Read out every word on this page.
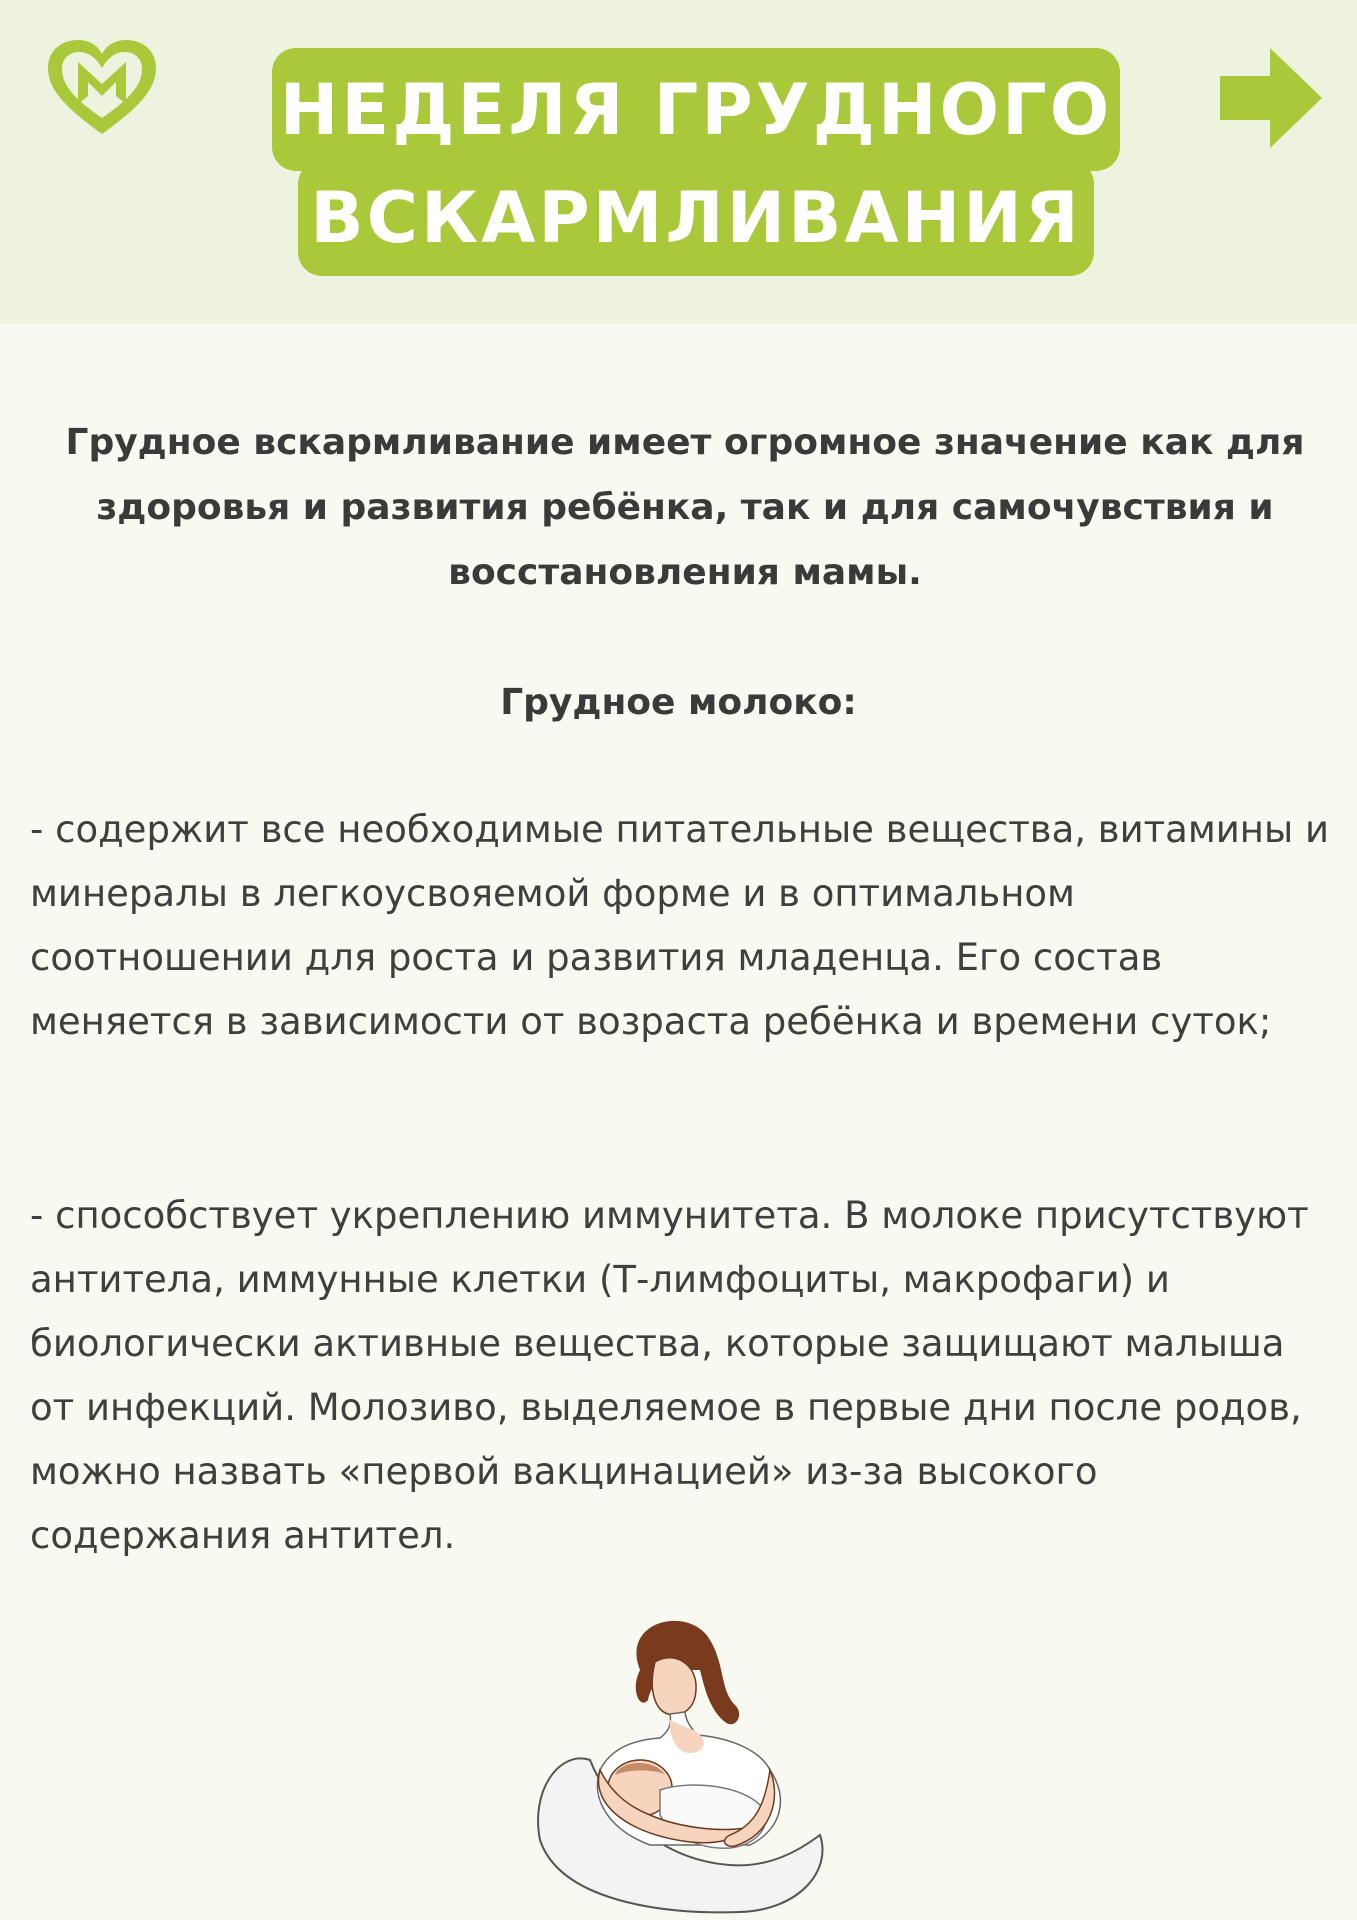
НЕДЕЛЯ ГРУДНОГО
ВСКАРМЛИВАНИЯ
Грудное вскармливание имеет огромное значение как для здоровья и развития ребёнка, так и для самочувствия и восстановления мамы.
Грудное молоко:
- содержит все необходимые питательные вещества, витамины и минералы в легкоусвояемой форме и в оптимальном соотношении для роста и развития младенца. Его состав меняется в зависимости от возраста ребёнка и времени суток;
- способствует укреплению иммунитета. В молоке присутствуют антитела, иммунные клетки (Т-лимфоциты, макрофаги) и биологически активные вещества, которые защищают малыша от инфекций. Молозиво, выделяемое в первые дни после родов, можно назвать «первой вакцинацией» из-за высокого содержания антител.
